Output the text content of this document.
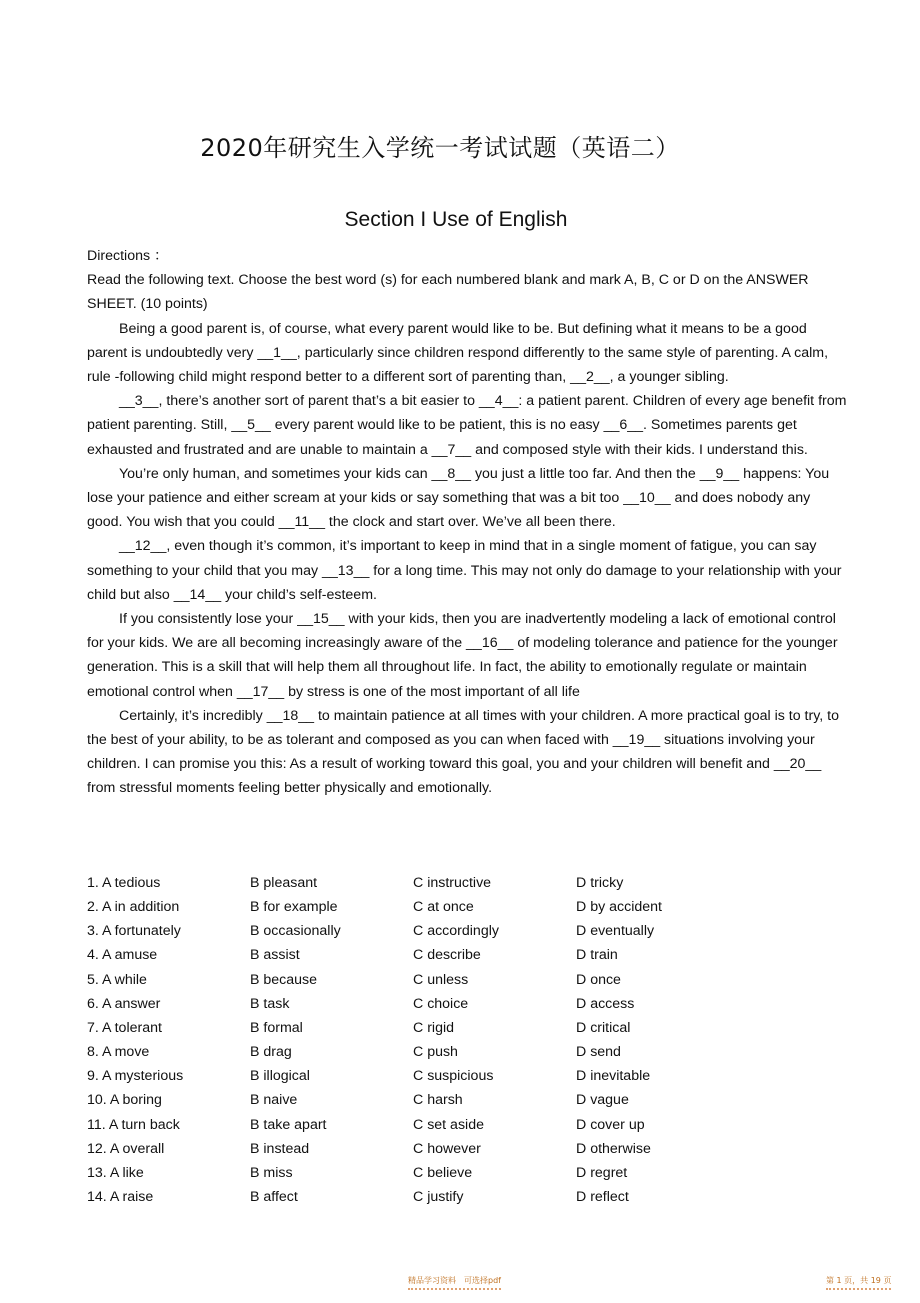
2020年研究生入学统一考试试题（英语二）
Section I Use of English

Directions ：

Read the following text. Choose the best word (s) for each numbered blank and mark A, B, C or D on the ANSWER SHEET. (10 points)

Being a good parent is, of course, what every parent would like to be. But defining what it means to be a good parent is undoubtedly very __1__, particularly since children respond differently to the same style of parenting. A calm, rule -following child might respond better to a different sort of parenting than, __2__, a younger sibling.

__3__, there’s another sort of parent that’s a bit easier to __4__: a patient parent. Children of every age benefit from patient parenting. Still, __5__ every parent would like to be patient, this is no easy __6__. Sometimes parents get exhausted and frustrated and are unable to maintain a __7__ and composed style with their kids. I understand this.

You’re only human, and sometimes your kids can __8__ you just a little too far. And then the __9__ happens: You lose your patience and either scream at your kids or say something that was a bit too __10__ and does nobody any good. You wish that you could __11__ the clock and start over. We’ve all been there.

__12__, even though it’s common, it’s important to keep in mind that in a single moment of fatigue, you can say something to your child that you may __13__ for a long time. This may not only do damage to your relationship with your child but also __14__ your child’s self-esteem.

If you consistently lose your __15__ with your kids, then you are inadvertently modeling a lack of emotional control for your kids. We are all becoming increasingly aware of the __16__ of modeling tolerance and patience for the younger generation. This is a skill that will help them all throughout life. In fact, the ability to emotionally regulate or maintain emotional control when __17__ by stress is one of the most important of all life

Certainly, it’s incredibly __18__ to maintain patience at all times with your children. A more practical goal is to try, to the best of your ability, to be as tolerant and composed as you can when faced with __19__ situations involving your children. I can promise you this: As a result of working toward this goal, you and your children will benefit and __20__ from stressful moments feeling better physically and emotionally.

1. A tedious	B pleasant	C instructive	D tricky
2. A in addition	B for example	C at once	D by accident
3. A fortunately	B occasionally	C accordingly	D eventually
4. A amuse	B assist	C describe	D train
5. A while	B because	C unless	D once
6. A answer	B task	C choice	D access
7. A tolerant	B formal	C rigid	D critical
8. A move	B drag	C push	D send
9. A mysterious	B illogical	C suspicious	D inevitable
10. A boring	B naive	C harsh	D vague
11. A turn back	B take apart	C set aside	D cover up
12. A overall	B instead	C however	D otherwise
13. A like	B miss	C believe	D regret
14. A raise	B affect	C justify	D reflect
精品学习资料　可选择pdf	第 1 页，共 19 页
